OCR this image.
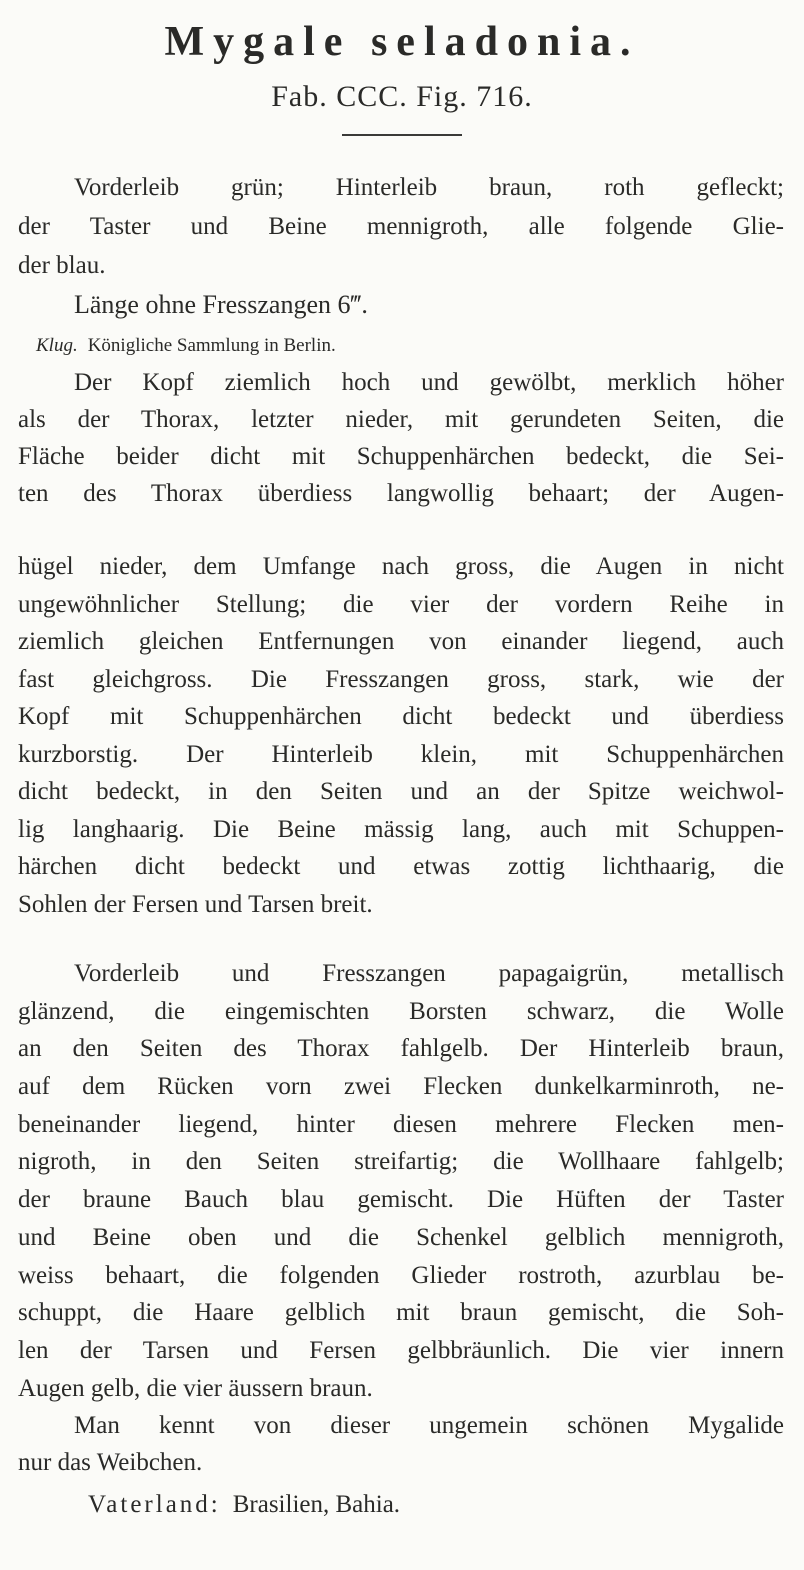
Mygale seladonia.
Fab. CCC. Fig. 716.
Vorderleib grün; Hinterleib braun, roth gefleckt;
der Taster und Beine mennigroth, alle folgende Glie-
der blau.
Länge ohne Fresszangen 6‴.
Klug. Königliche Sammlung in Berlin.
Der Kopf ziemlich hoch und gewölbt, merklich höher
als der Thorax, letzter nieder, mit gerundeten Seiten, die
Fläche beider dicht mit Schuppenhärchen bedeckt, die Sei-
ten des Thorax überdiess langwollig behaart; der Augen-
hügel nieder, dem Umfange nach gross, die Augen in nicht
ungewöhnlicher Stellung; die vier der vordern Reihe in
ziemlich gleichen Entfernungen von einander liegend, auch
fast gleichgross. Die Fresszangen gross, stark, wie der
Kopf mit Schuppenhärchen dicht bedeckt und überdiess
kurzborstig. Der Hinterleib klein, mit Schuppenhärchen
dicht bedeckt, in den Seiten und an der Spitze weichwol-
lig langhaarig. Die Beine mässig lang, auch mit Schuppen-
härchen dicht bedeckt und etwas zottig lichthaarig, die
Sohlen der Fersen und Tarsen breit.
Vorderleib und Fresszangen papagaigrün, metallisch
glänzend, die eingemischten Borsten schwarz, die Wolle
an den Seiten des Thorax fahlgelb. Der Hinterleib braun,
auf dem Rücken vorn zwei Flecken dunkelkarminroth, ne-
beneinander liegend, hinter diesen mehrere Flecken men-
nigroth, in den Seiten streifartig; die Wollhaare fahlgelb;
der braune Bauch blau gemischt. Die Hüften der Taster
und Beine oben und die Schenkel gelblich mennigroth,
weiss behaart, die folgenden Glieder rostroth, azurblau be-
schuppt, die Haare gelblich mit braun gemischt, die Soh-
len der Tarsen und Fersen gelbbräunlich. Die vier innern
Augen gelb, die vier äussern braun.
Man kennt von dieser ungemein schönen Mygalide
nur das Weibchen.
Vaterland: Brasilien, Bahia.
